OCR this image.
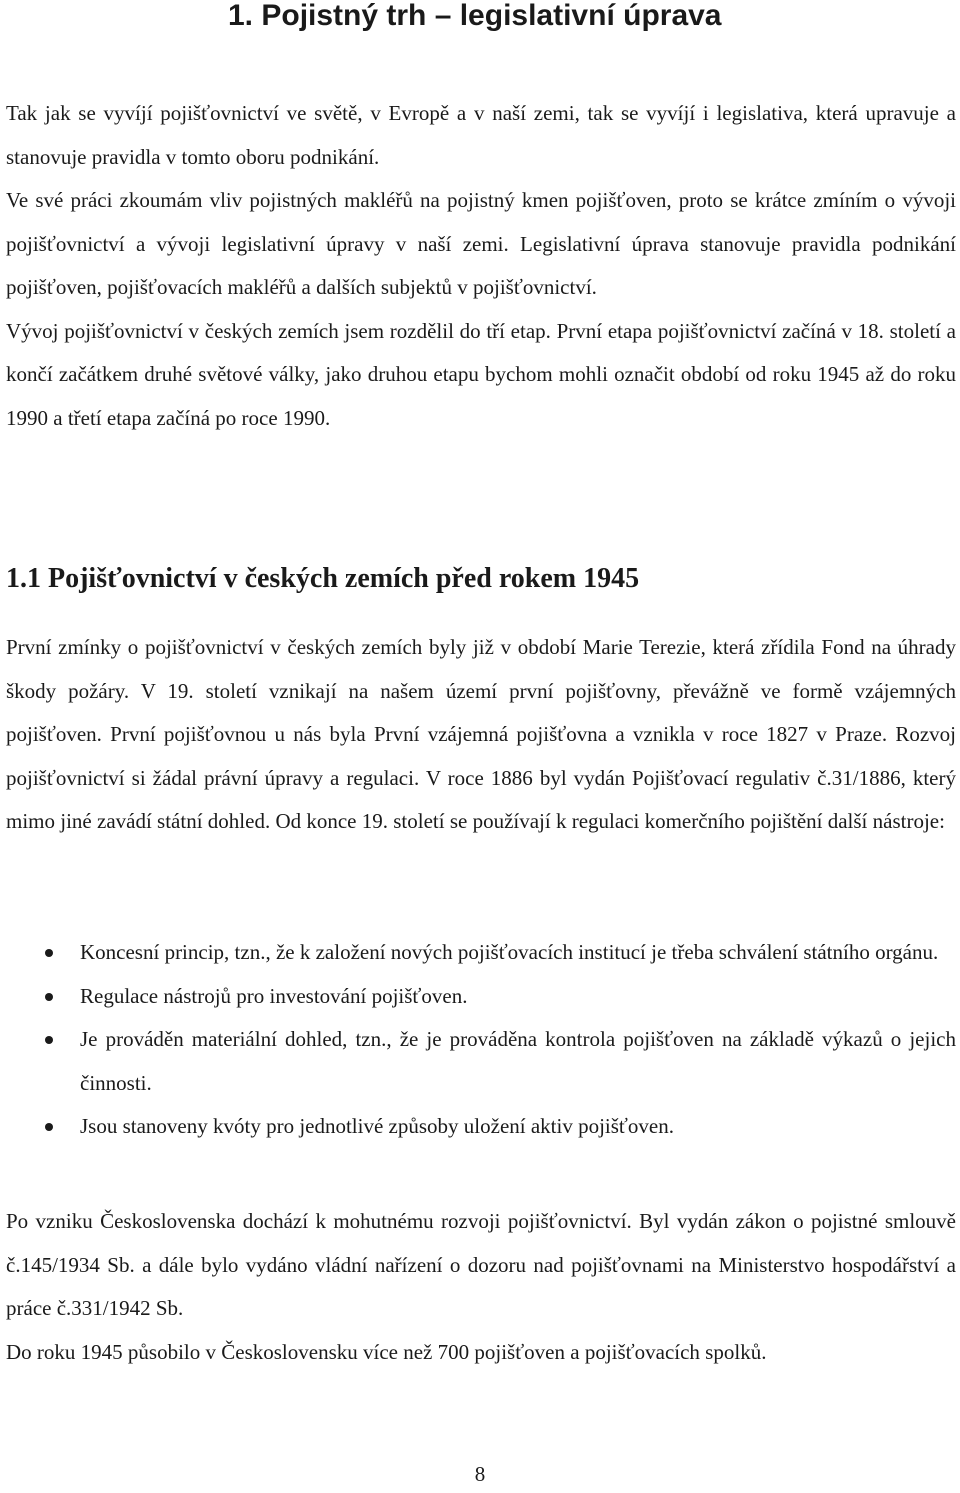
1. Pojistný trh – legislativní úprava

Tak jak se vyvíjí pojišťovnictví ve světě, v Evropě a v naší zemi, tak se vyvíjí i legislativa, která upravuje a stanovuje pravidla v tomto oboru podnikání.

Ve své práci zkoumám vliv pojistných makléřů na pojistný kmen pojišťoven, proto se krátce zmíním o vývoji pojišťovnictví a vývoji legislativní úpravy v naší zemi. Legislativní úprava stanovuje pravidla podnikání pojišťoven, pojišťovacích makléřů a dalších subjektů v pojišťovnictví.

Vývoj pojišťovnictví v českých zemích jsem rozdělil do tří etap. První etapa pojišťovnictví začíná v 18. století a končí začátkem druhé světové války, jako druhou etapu bychom mohli označit období od roku 1945 až do roku 1990 a třetí etapa začíná po roce 1990.

1.1 Pojišťovnictví v českých zemích před rokem 1945

První zmínky o pojišťovnictví v českých zemích byly již v období Marie Terezie, která zřídila Fond na úhrady škody požáry. V 19. století vznikají na našem území první pojišťovny, převážně ve formě vzájemných pojišťoven. První pojišťovnou u nás byla První vzájemná pojišťovna a vznikla v roce 1827 v Praze. Rozvoj pojišťovnictví si žádal právní úpravy a regulaci. V roce 1886 byl vydán Pojišťovací regulativ č.31/1886, který mimo jiné zavádí státní dohled. Od konce 19. století se používají k regulaci komerčního pojištění další nástroje:

Koncesní princip, tzn., že k založení nových pojišťovacích institucí je třeba schválení státního orgánu.
Regulace nástrojů pro investování pojišťoven.
Je prováděn materiální dohled, tzn., že je prováděna kontrola pojišťoven na základě výkazů o jejich činnosti.
Jsou stanoveny kvóty pro jednotlivé způsoby uložení aktiv pojišťoven.

Po vzniku Československa dochází k mohutnému rozvoji pojišťovnictví. Byl vydán zákon o pojistné smlouvě č.145/1934 Sb. a dále bylo vydáno vládní nařízení o dozoru nad pojišťovnami na Ministerstvo hospodářství a práce č.331/1942 Sb.

Do roku 1945 působilo v Československu více než 700 pojišťoven a pojišťovacích spolků.

8
